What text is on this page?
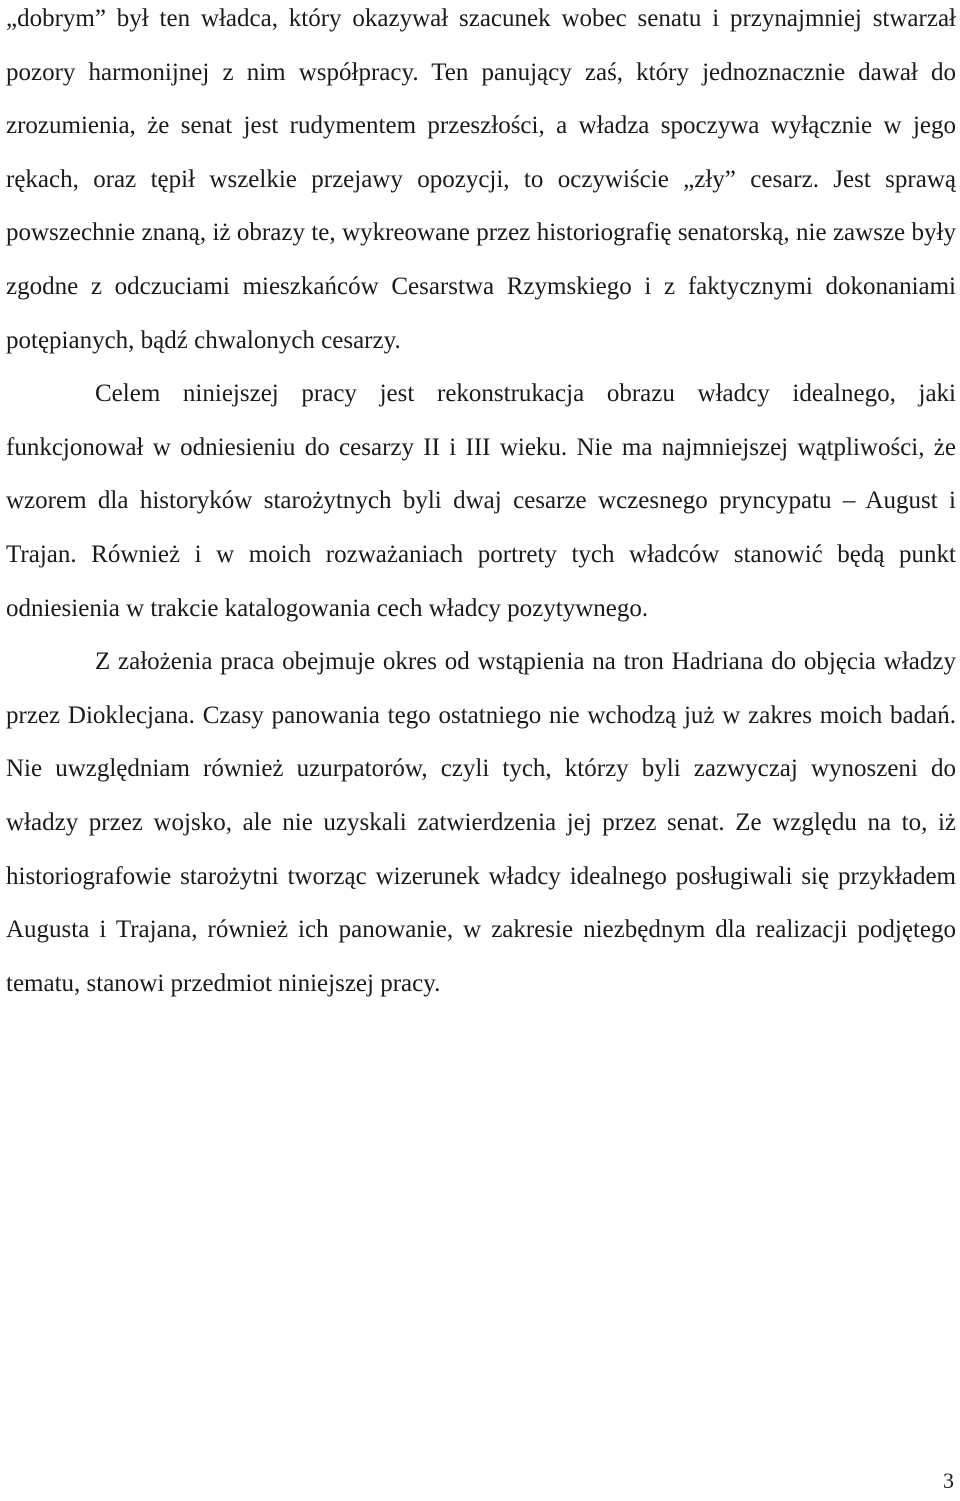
„dobrym” był ten władca, który okazywał szacunek wobec senatu i przynajmniej stwarzał pozory harmonijnej z nim współpracy. Ten panujący zaś, który jednoznacznie dawał do zrozumienia, że senat jest rudymentem przeszłości, a władza spoczywa wyłącznie w jego rękach, oraz tępił wszelkie przejawy opozycji, to oczywiście „zły” cesarz. Jest sprawą powszechnie znaną, iż obrazy te, wykreowane przez historiografię senatorską, nie zawsze były zgodne z odczuciami mieszkańców Cesarstwa Rzymskiego i z faktycznymi dokonaniami potępianych, bądź chwalonych cesarzy.

Celem niniejszej pracy jest rekonstrukacja obrazu władcy idealnego, jaki funkcjonował w odniesieniu do cesarzy II i III wieku. Nie ma najmniejszej wątpliwości, że wzorem dla historyków starożytnych byli dwaj cesarze wczesnego pryncypatu – August i Trajan. Również i w moich rozważaniach portrety tych władców stanowić będą punkt odniesienia w trakcie katalogowania cech władcy pozytywnego.

Z założenia praca obejmuje okres od wstąpienia na tron Hadriana do objęcia władzy przez Dioklecjana. Czasy panowania tego ostatniego nie wchodzą już w zakres moich badań. Nie uwzględniam również uzurpatorów, czyli tych, którzy byli zazwyczaj wynoszeni do władzy przez wojsko, ale nie uzyskali zatwierdzenia jej przez senat. Ze względu na to, iż historiografowie starożytni tworząc wizerunek władcy idealnego posługiwali się przykładem Augusta i Trajana, również ich panowanie, w zakresie niezbędnym dla realizacji podjętego tematu, stanowi przedmiot niniejszej pracy.

3
